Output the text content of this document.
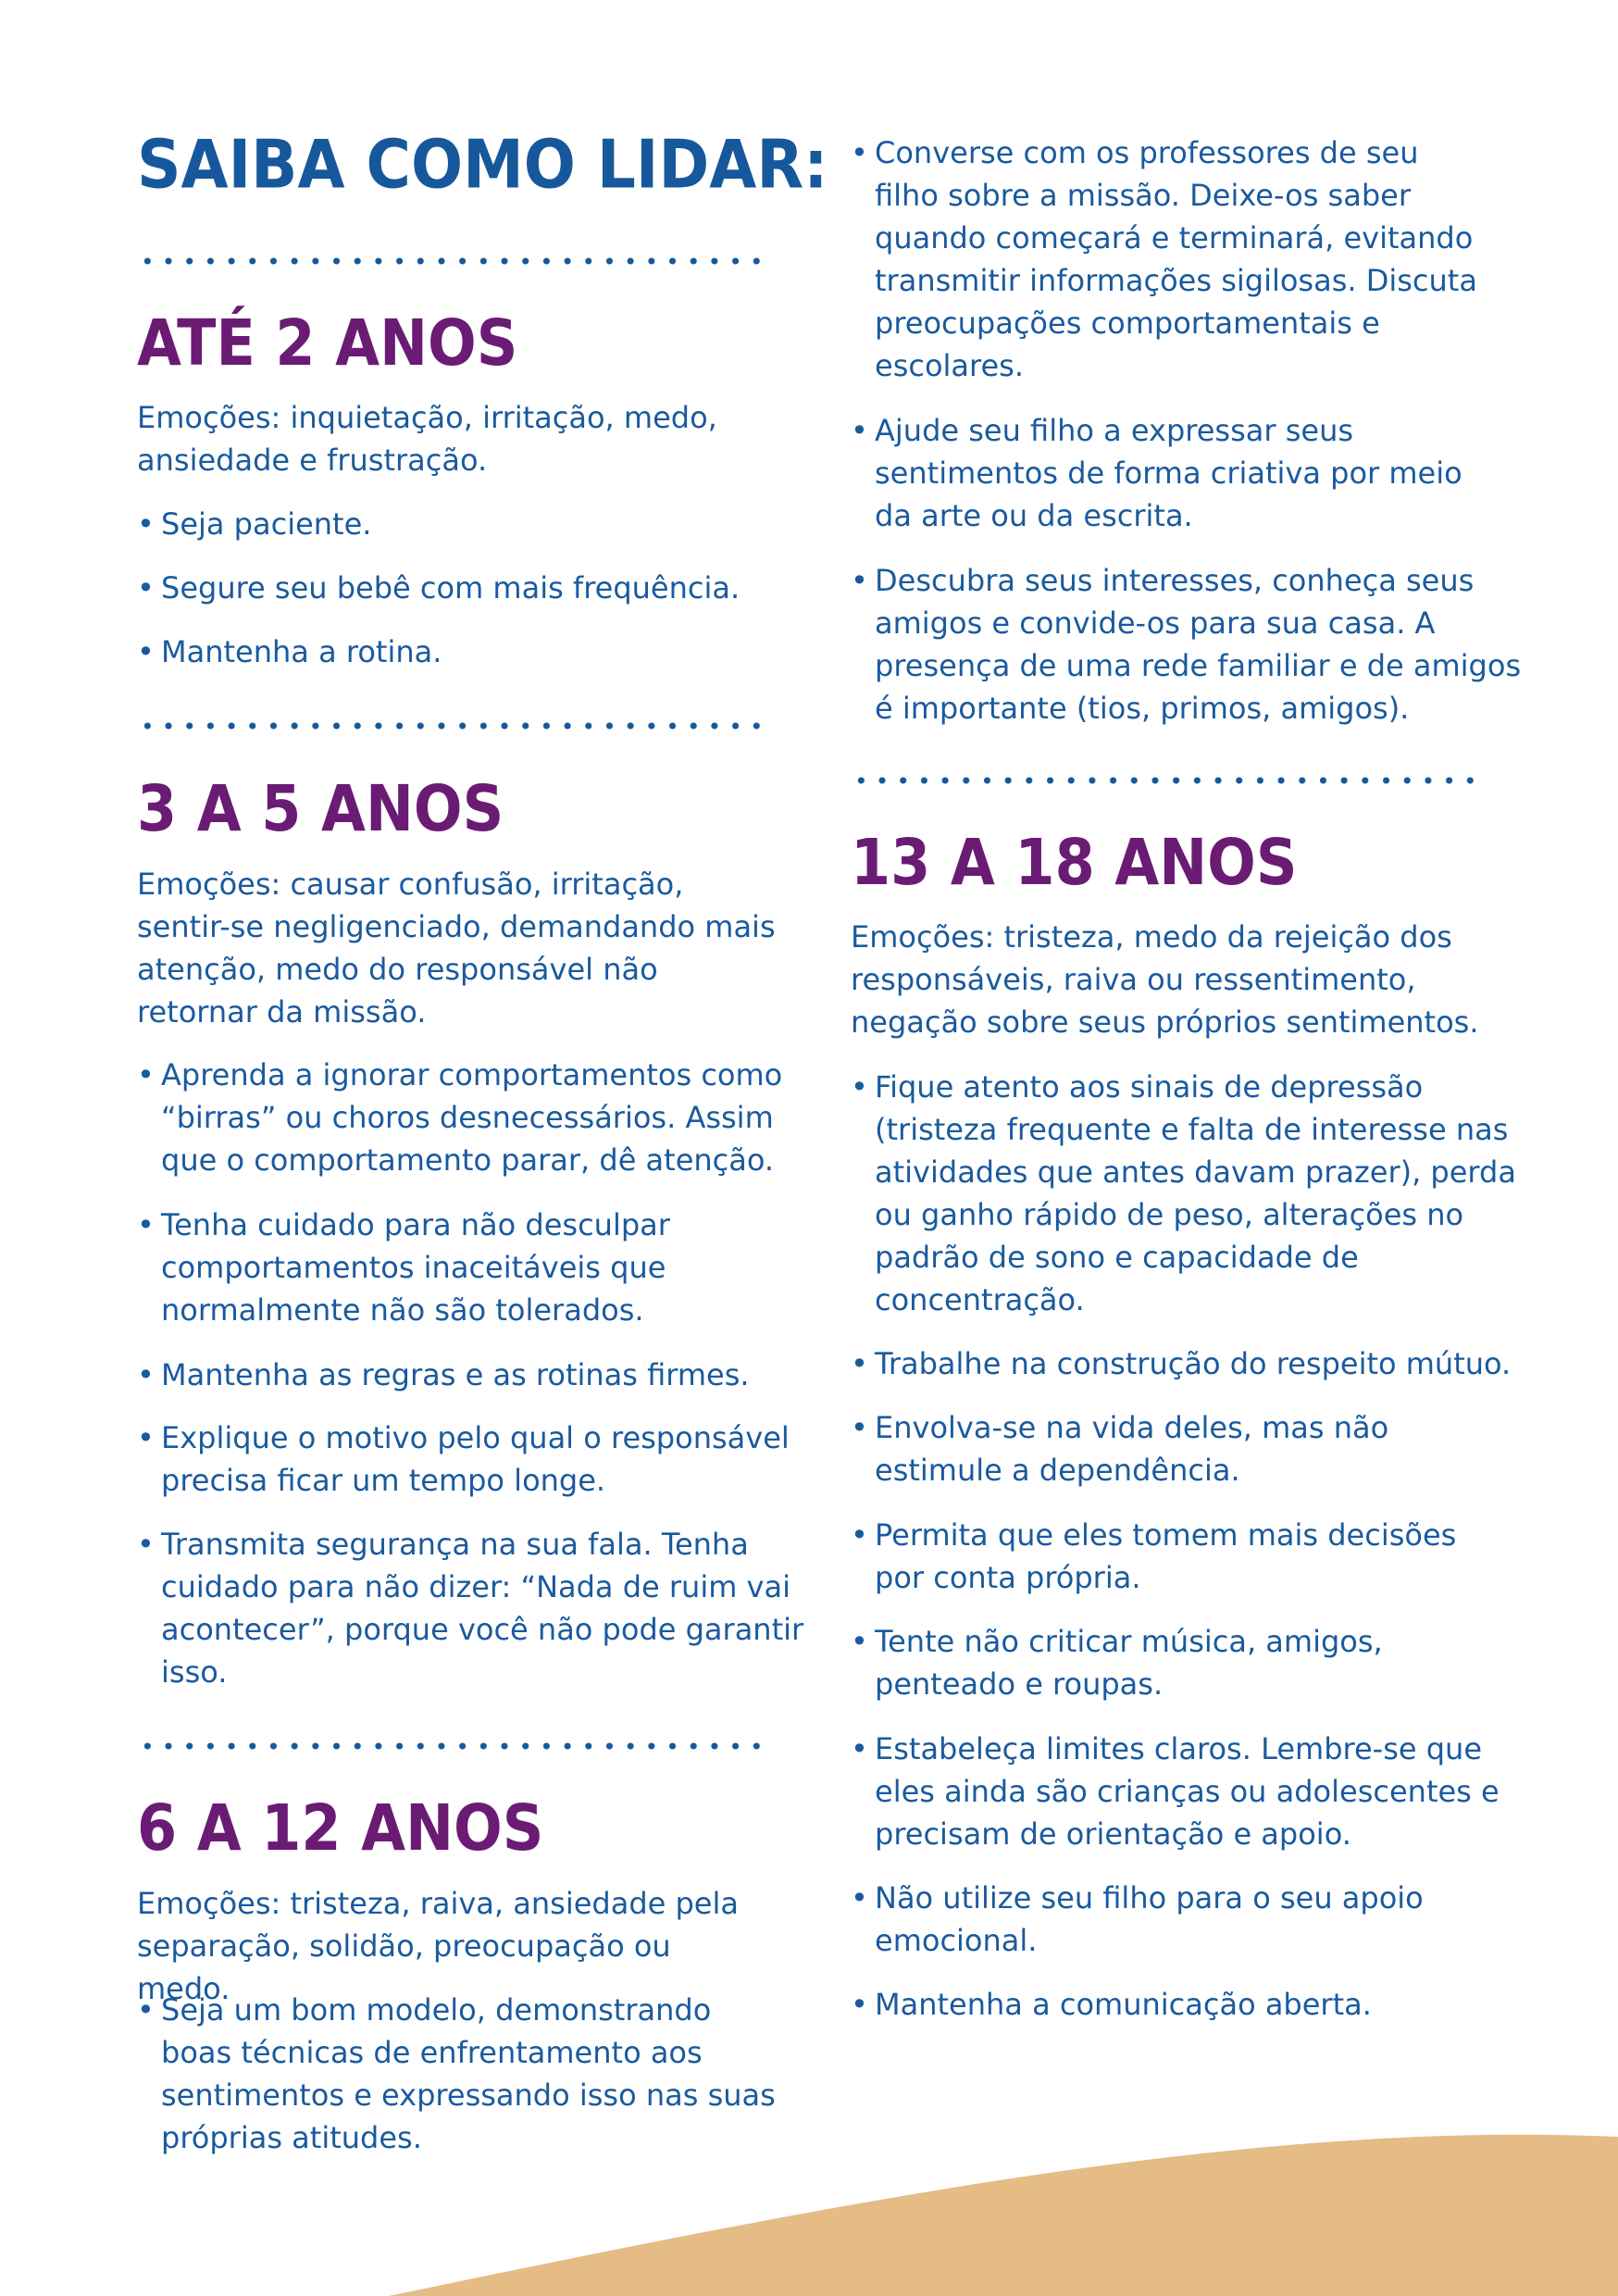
SAIBA COMO LIDAR:
ATÉ 2 ANOS

Emoções: inquietação, irritação, medo, ansiedade e frustração.

• Seja paciente.

• Segure seu bebê com mais frequência.

• Mantenha a rotina.

3 A 5 ANOS

Emoções: causar confusão, irritação, sentir-se negligenciado, demandando mais atenção, medo do responsável não retornar da missão.

• Aprenda a ignorar comportamentos como “birras” ou choros desnecessários. Assim que o comportamento parar, dê atenção.

• Tenha cuidado para não desculpar comportamentos inaceitáveis que normalmente não são tolerados.

• Mantenha as regras e as rotinas firmes.

• Explique o motivo pelo qual o responsável precisa ficar um tempo longe.

• Transmita segurança na sua fala. Tenha cuidado para não dizer: “Nada de ruim vai acontecer”, porque você não pode garantir isso.

6 A 12 ANOS

Emoções: tristeza, raiva, ansiedade pela separação, solidão, preocupação ou medo.

• Seja um bom modelo, demonstrando boas técnicas de enfrentamento aos sentimentos e expressando isso nas suas próprias atitudes.

• Converse com os professores de seu filho sobre a missão. Deixe-os saber quando começará e terminará, evitando transmitir informações sigilosas. Discuta preocupações comportamentais e escolares.

• Ajude seu filho a expressar seus sentimentos de forma criativa por meio da arte ou da escrita.

• Descubra seus interesses, conheça seus amigos e convide-os para sua casa. A presença de uma rede familiar e de amigos é importante (tios, primos, amigos).

13 A 18 ANOS

Emoções: tristeza, medo da rejeição dos responsáveis, raiva ou ressentimento, negação sobre seus próprios sentimentos.

• Fique atento aos sinais de depressão (tristeza frequente e falta de interesse nas atividades que antes davam prazer), perda ou ganho rápido de peso, alterações no padrão de sono e capacidade de concentração.

• Trabalhe na construção do respeito mútuo.

• Envolva-se na vida deles, mas não estimule a dependência.

• Permita que eles tomem mais decisões por conta própria.

• Tente não criticar música, amigos, penteado e roupas.

• Estabeleça limites claros. Lembre-se que eles ainda são crianças ou adolescentes e precisam de orientação e apoio.

• Não utilize seu filho para o seu apoio emocional.

• Mantenha a comunicação aberta.
